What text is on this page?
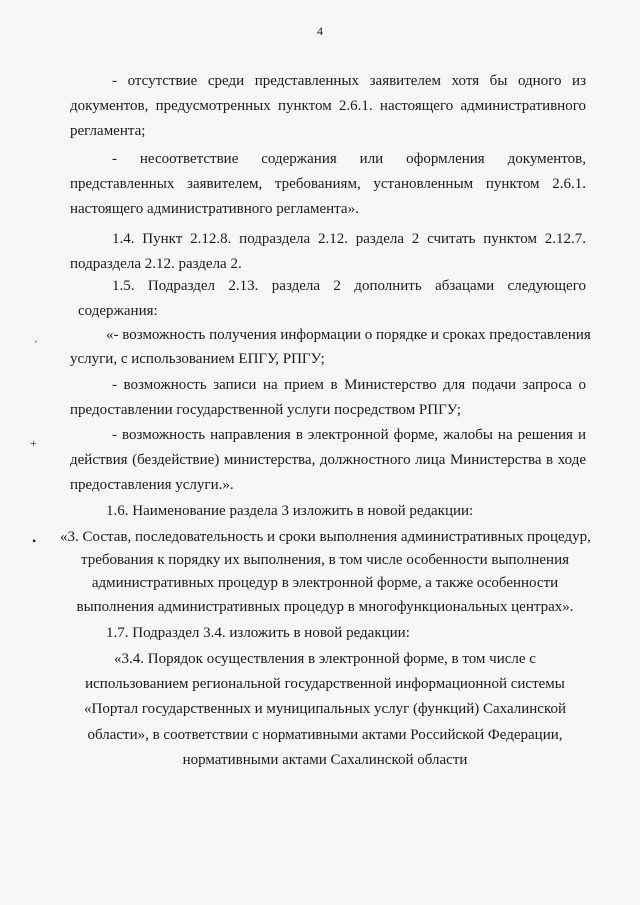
4
ʿ
+
•
- отсутствие среди представленных заявителем хотя бы одного из
документов, предусмотренных пунктом 2.6.1. настоящего административного
регламента;
- несоответствие содержания или оформления документов,
представленных заявителем, требованиям, установленным пунктом 2.6.1.
настоящего административного регламента».
1.4. Пункт 2.12.8. подраздела 2.12. раздела 2 считать пунктом 2.12.7.
подраздела 2.12. раздела 2.
1.5. Подраздел 2.13. раздела 2 дополнить абзацами следующего
содержания:
«- возможность получения информации о порядке и сроках предоставления
услуги, с использованием ЕПГУ, РПГУ;
- возможность записи на прием в Министерство для подачи запроса о
предоставлении государственной услуги посредством РПГУ;
- возможность направления в электронной форме, жалобы на решения и
действия (бездействие) министерства, должностного лица Министерства в ходе
предоставления услуги.».
1.6. Наименование раздела 3 изложить в новой редакции:
«3. Состав, последовательность и сроки выполнения административных процедур,
требования к порядку их выполнения, в том числе особенности выполнения
административных процедур в электронной форме, а также особенности
выполнения административных процедур в многофункциональных центрах».
1.7. Подраздел 3.4. изложить в новой редакции:
«3.4. Порядок осуществления в электронной форме, в том числе с
использованием региональной государственной информационной системы
«Портал государственных и муниципальных услуг (функций) Сахалинской
области», в соответствии с нормативными актами Российской Федерации,
нормативными актами Сахалинской области
